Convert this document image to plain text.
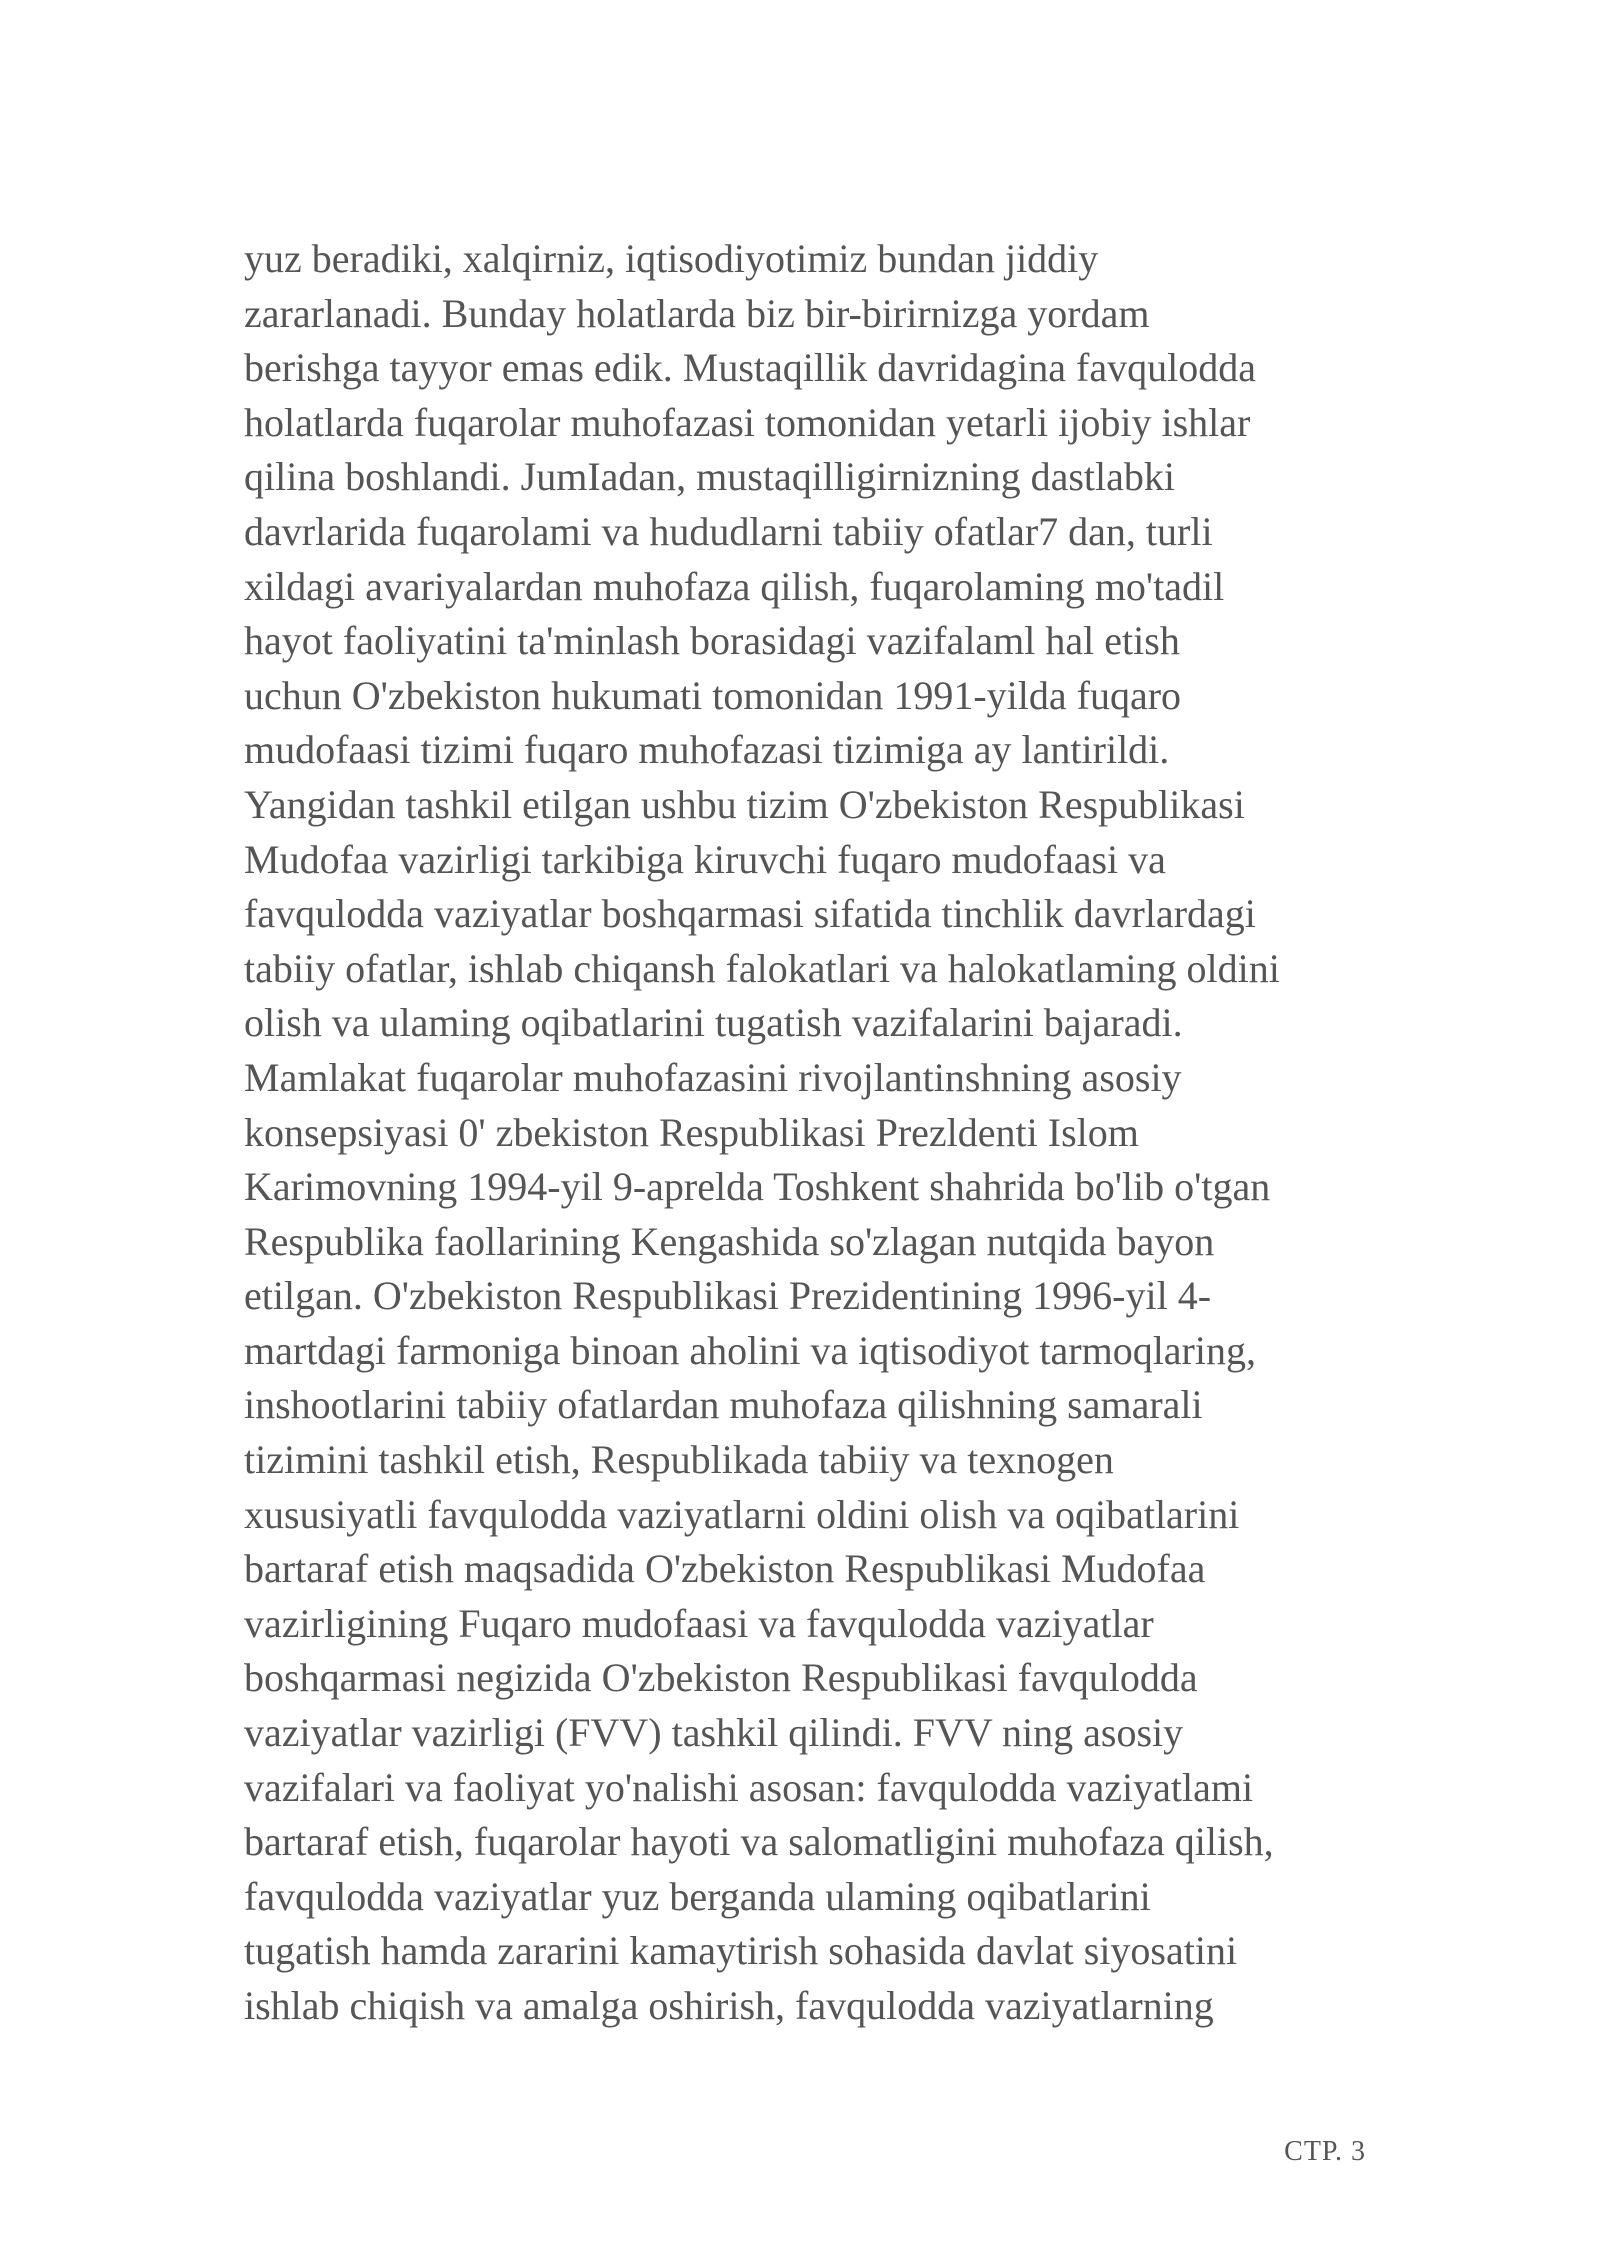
yuz beradiki, xalqirniz, iqtisodiyotimiz bundan jiddiy
zararlanadi. Bunday holatlarda biz bir-birirnizga yordam
berishga tayyor emas edik. Mustaqillik davridagina favqulodda
holatlarda fuqarolar muhofazasi tomonidan yetarli ijobiy ishlar
qilina boshlandi. JumIadan, mustaqilligirnizning dastlabki
davrlarida fuqarolami va hududlarni tabiiy ofatlar7 dan, turli
xildagi avariyalardan muhofaza qilish, fuqarolaming mo'tadil
hayot faoliyatini ta'minlash borasidagi vazifalaml hal etish
uchun O'zbekiston hukumati tomonidan 1991-yilda fuqaro
mudofaasi tizimi fuqaro muhofazasi tizimiga ay lantirildi.
Yangidan tashkil etilgan ushbu tizim O'zbekiston Respublikasi
Mudofaa vazirligi tarkibiga kiruvchi fuqaro mudofaasi va
favqulodda vaziyatlar boshqarmasi sifatida tinchlik davrlardagi
tabiiy ofatlar, ishlab chiqansh falokatlari va halokatlaming oldini
olish va ulaming oqibatlarini tugatish vazifalarini bajaradi.
Mamlakat fuqarolar muhofazasini rivojlantinshning asosiy
konsepsiyasi 0' zbekiston Respublikasi Prezldenti Islom
Karimovning 1994-yil 9-aprelda Toshkent shahrida bo'lib o'tgan
Respublika faollarining Kengashida so'zlagan nutqida bayon
etilgan. O'zbekiston Respublikasi Prezidentining 1996-yil 4-
martdagi farmoniga binoan aholini va iqtisodiyot tarmoqlaring,
inshootlarini tabiiy ofatlardan muhofaza qilishning samarali
tizimini tashkil etish, Respublikada tabiiy va texnogen
xususiyatli favqulodda vaziyatlarni oldini olish va oqibatlarini
bartaraf etish maqsadida O'zbekiston Respublikasi Mudofaa
vazirligining Fuqaro mudofaasi va favqulodda vaziyatlar
boshqarmasi negizida O'zbekiston Respublikasi favqulodda
vaziyatlar vazirligi (FVV) tashkil qilindi. FVV ning asosiy
vazifalari va faoliyat yo'nalishi asosan: favqulodda vaziyatlami
bartaraf etish, fuqarolar hayoti va salomatligini muhofaza qilish,
favqulodda vaziyatlar yuz berganda ulaming oqibatlarini
tugatish hamda zararini kamaytirish sohasida davlat siyosatini
ishlab chiqish va amalga oshirish, favqulodda vaziyatlarning

СТР. 3
